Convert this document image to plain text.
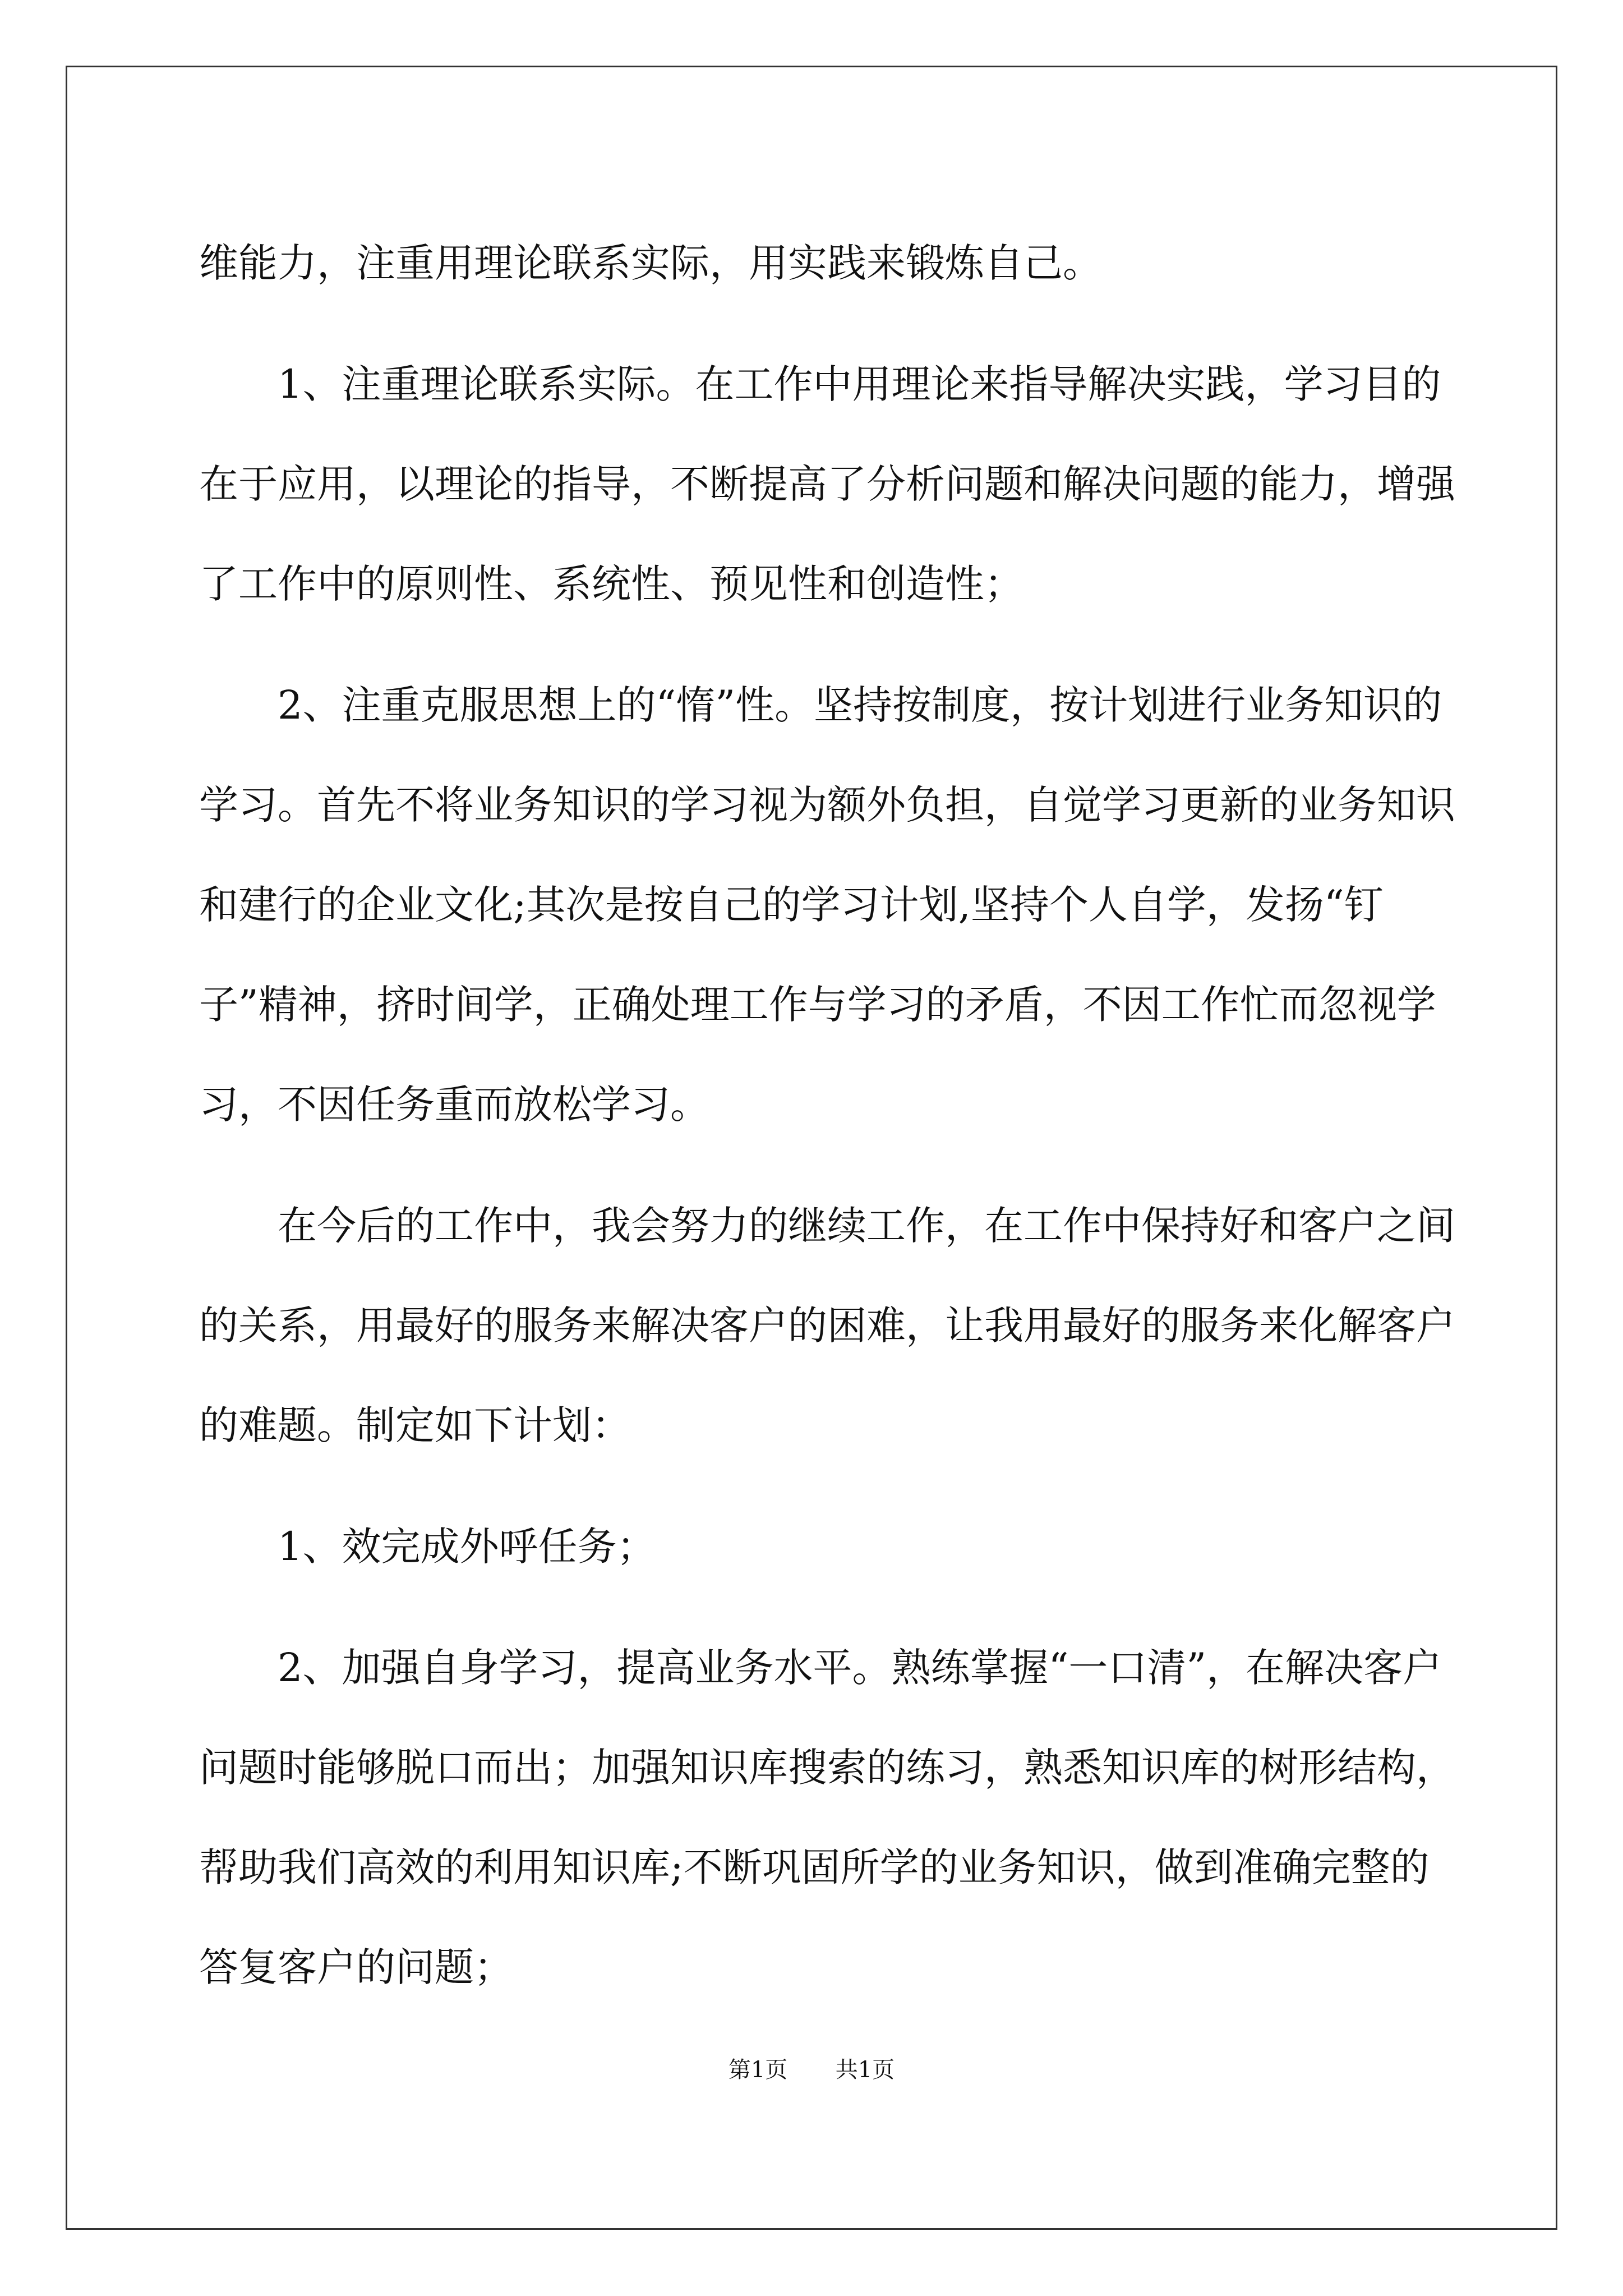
维能力，注重用理论联系实际，用实践来锻炼自己。

1、注重理论联系实际。在工作中用理论来指导解决实践，学习目的在于应用，以理论的指导，不断提高了分析问题和解决问题的能力，增强了工作中的原则性、系统性、预见性和创造性；

2、注重克服思想上的“惰”性。坚持按制度，按计划进行业务知识的学习。首先不将业务知识的学习视为额外负担，自觉学习更新的业务知识和建行的企业文化;其次是按自己的学习计划,坚持个人自学，发扬“钉子”精神，挤时间学，正确处理工作与学习的矛盾，不因工作忙而忽视学习，不因任务重而放松学习。

在今后的工作中，我会努力的继续工作，在工作中保持好和客户之间的关系，用最好的服务来解决客户的困难，让我用最好的服务来化解客户的难题。制定如下计划：

1、效完成外呼任务；

2、加强自身学习，提高业务水平。熟练掌握“一口清”，在解决客户问题时能够脱口而出；加强知识库搜索的练习，熟悉知识库的树形结构，帮助我们高效的利用知识库;不断巩固所学的业务知识，做到准确完整的答复客户的问题；

第1页 共1页
